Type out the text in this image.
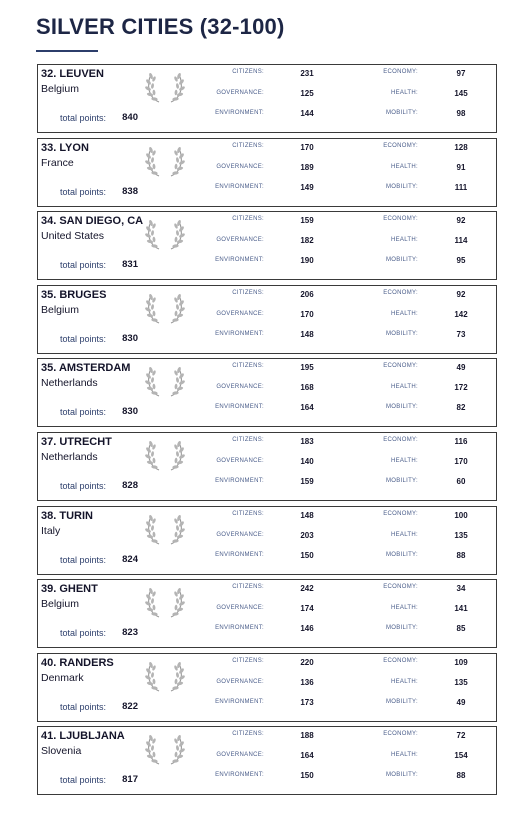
SILVER CITIES (32-100)
32. LEUVEN
Belgium
total points:	840
CITIZENS:	231
GOVERNANCE:	125
ENVIRONMENT:	144
ECONOMY:	97
HEALTH:	145
MOBILITY:	98
33. LYON
France
total points:	838
CITIZENS:	170
GOVERNANCE:	189
ENVIRONMENT:	149
ECONOMY:	128
HEALTH:	91
MOBILITY:	111
34. SAN DIEGO, CA
United States
total points:	831
CITIZENS:	159
GOVERNANCE:	182
ENVIRONMENT:	190
ECONOMY:	92
HEALTH:	114
MOBILITY:	95
35. BRUGES
Belgium
total points:	830
CITIZENS:	206
GOVERNANCE:	170
ENVIRONMENT:	148
ECONOMY:	92
HEALTH:	142
MOBILITY:	73
35. AMSTERDAM
Netherlands
total points:	830
CITIZENS:	195
GOVERNANCE:	168
ENVIRONMENT:	164
ECONOMY:	49
HEALTH:	172
MOBILITY:	82
37. UTRECHT
Netherlands
total points:	828
CITIZENS:	183
GOVERNANCE:	140
ENVIRONMENT:	159
ECONOMY:	116
HEALTH:	170
MOBILITY:	60
38. TURIN
Italy
total points:	824
CITIZENS:	148
GOVERNANCE:	203
ENVIRONMENT:	150
ECONOMY:	100
HEALTH:	135
MOBILITY:	88
39. GHENT
Belgium
total points:	823
CITIZENS:	242
GOVERNANCE:	174
ENVIRONMENT:	146
ECONOMY:	34
HEALTH:	141
MOBILITY:	85
40. RANDERS
Denmark
total points:	822
CITIZENS:	220
GOVERNANCE:	136
ENVIRONMENT:	173
ECONOMY:	109
HEALTH:	135
MOBILITY:	49
41. LJUBLJANA
Slovenia
total points:	817
CITIZENS:	188
GOVERNANCE:	164
ENVIRONMENT:	150
ECONOMY:	72
HEALTH:	154
MOBILITY:	88
